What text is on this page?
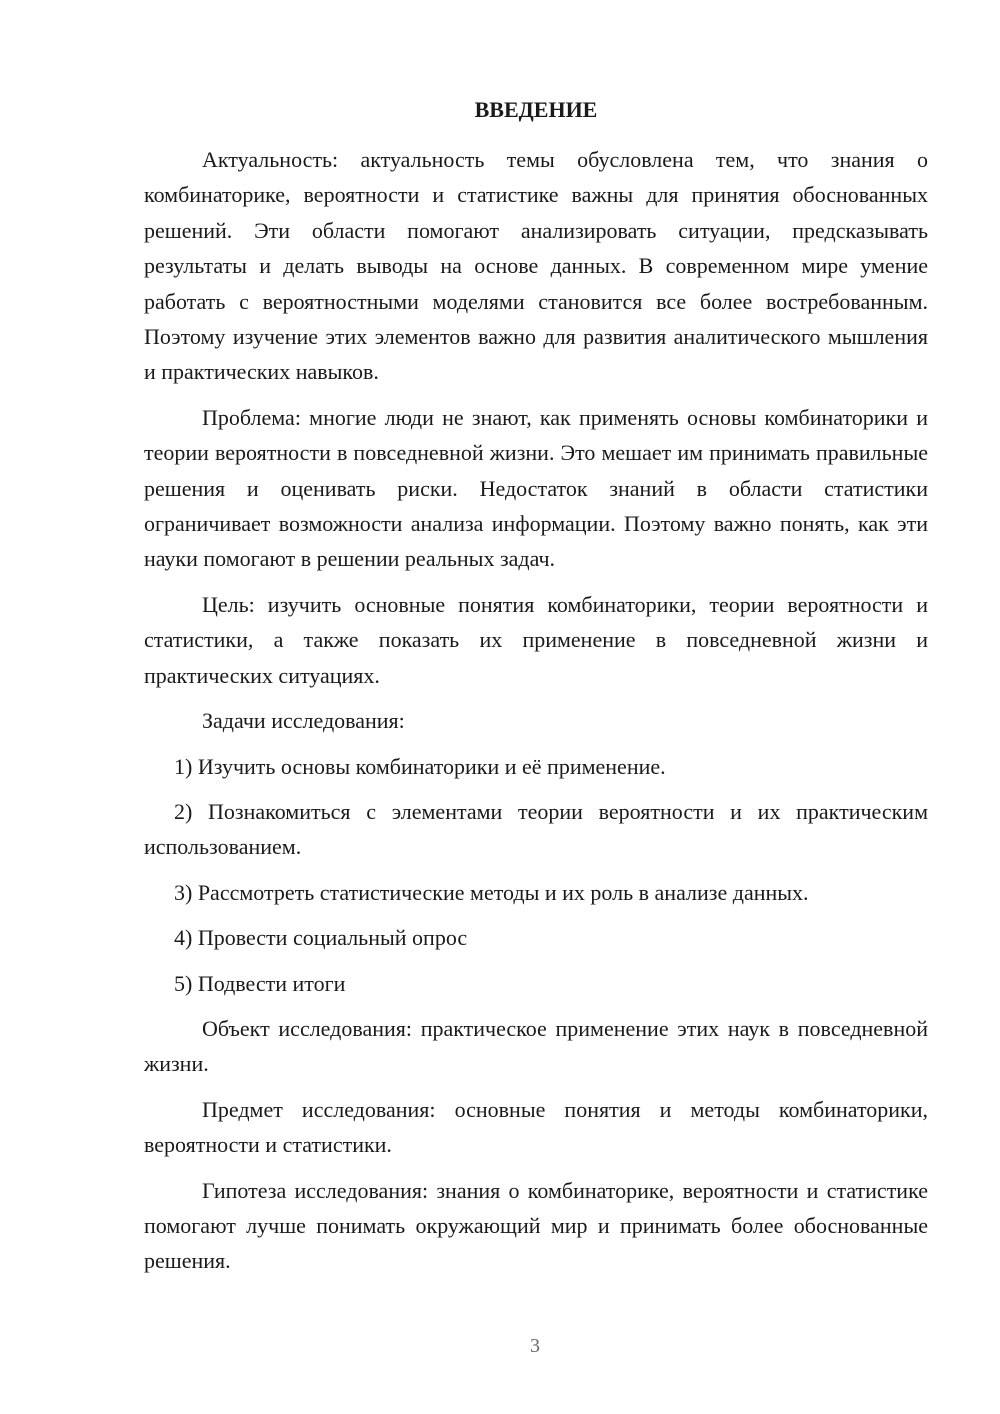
ВВЕДЕНИЕ

Актуальность: актуальность темы обусловлена тем, что знания о комбинаторике, вероятности и статистике важны для принятия обоснованных решений. Эти области помогают анализировать ситуации, предсказывать результаты и делать выводы на основе данных. В современном мире умение работать с вероятностными моделями становится все более востребованным. Поэтому изучение этих элементов важно для развития аналитического мышления и практических навыков.

Проблема: многие люди не знают, как применять основы комбинаторики и теории вероятности в повседневной жизни. Это мешает им принимать правильные решения и оценивать риски. Недостаток знаний в области статистики ограничивает возможности анализа информации. Поэтому важно понять, как эти науки помогают в решении реальных задач.

Цель: изучить основные понятия комбинаторики, теории вероятности и статистики, а также показать их применение в повседневной жизни и практических ситуациях.

Задачи исследования:

1) Изучить основы комбинаторики и её применение.

2) Познакомиться с элементами теории вероятности и их практическим использованием.

3) Рассмотреть статистические методы и их роль в анализе данных.

4) Провести социальный опрос

5) Подвести итоги

Объект исследования: практическое применение этих наук в повседневной жизни.

Предмет исследования: основные понятия и методы комбинаторики, вероятности и статистики.

Гипотеза исследования: знания о комбинаторике, вероятности и статистике помогают лучше понимать окружающий мир и принимать более обоснованные решения.

3
